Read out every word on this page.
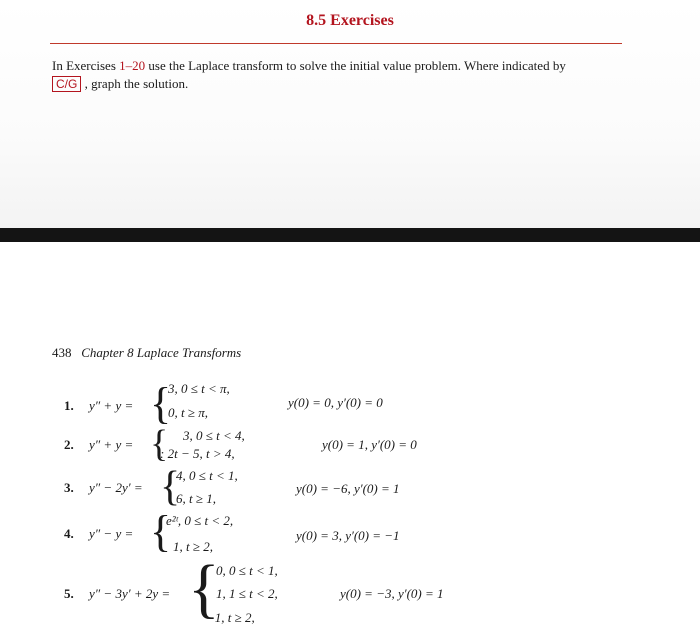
8.5 Exercises
In Exercises 1–20 use the Laplace transform to solve the initial value problem. Where indicated by
C/G , graph the solution.
438 Chapter 8 Laplace Transforms
1. y″ + y = {
3, 0 ≤ t < π,
0, t ≥ π,
y(0) = 0, y′(0) = 0
2. y″ + y = { 3, 0 ≤ t < 4,
: 2t − 5, t > 4,
y(0) = 1, y′(0) = 0
3. y″ − 2y′ = {
4, 0 ≤ t < 1,
6, t ≥ 1,
y(0) = −6, y′(0) = 1
4. y″ − y = {
e²ᵗ, 0 ≤ t < 2,
1, t ≥ 2,
y(0) = 3, y′(0) = −1
5. y″ − 3y′ + 2y = {
0, 0 ≤ t < 1,
1, 1 ≤ t < 2,
−1, t ≥ 2,
y(0) = −3, y′(0) = 1
